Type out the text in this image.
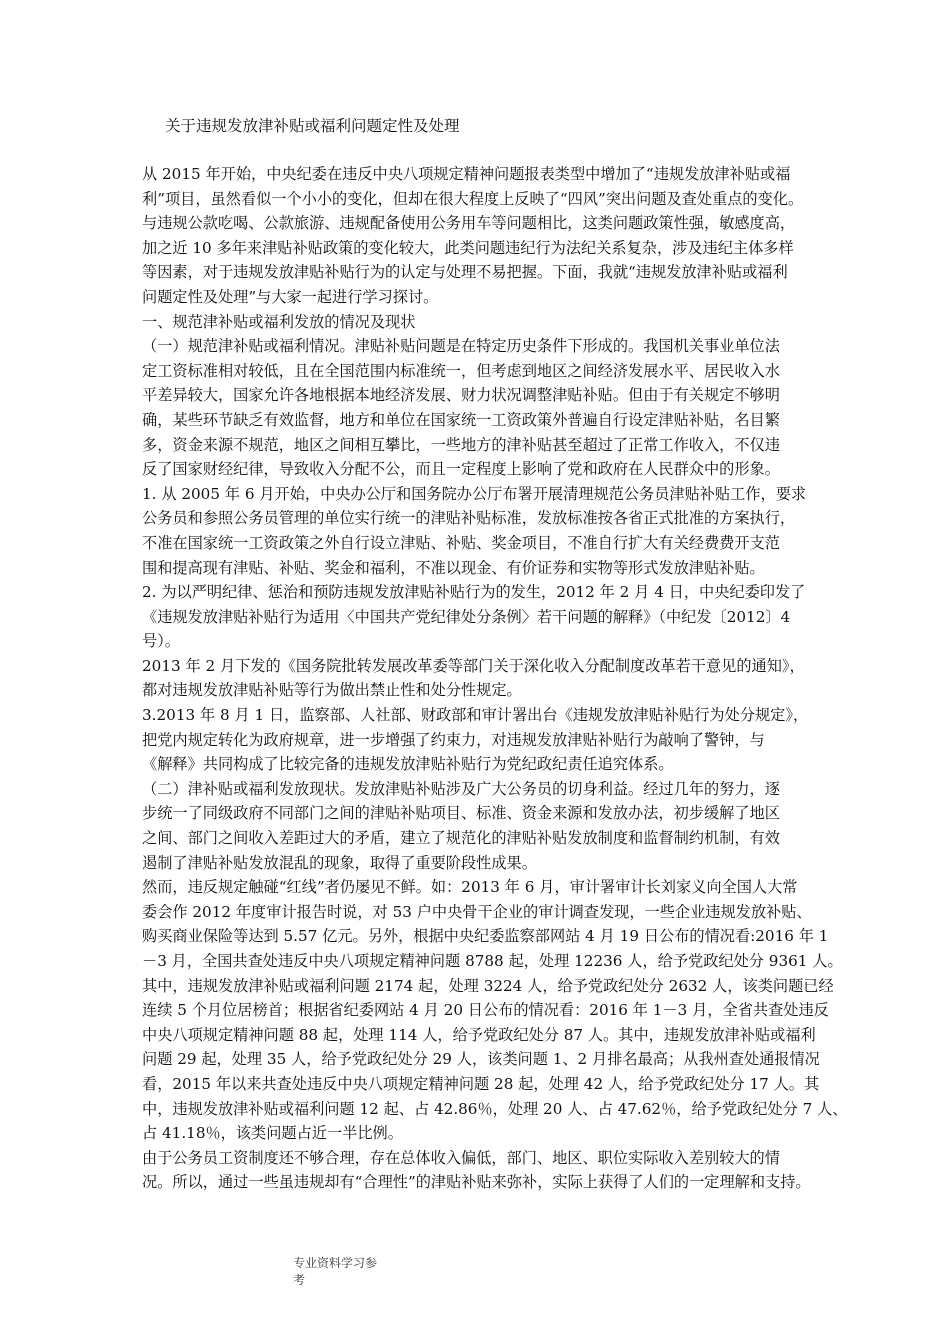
关于违规发放津补贴或福利问题定性及处理
从 2015 年开始，中央纪委在违反中央八项规定精神问题报表类型中增加了“违规发放津补贴或福
利”项目，虽然看似一个小小的变化，但却在很大程度上反映了“四风”突出问题及查处重点的变化。
与违规公款吃喝、公款旅游、违规配备使用公务用车等问题相比，这类问题政策性强，敏感度高，
加之近 10 多年来津贴补贴政策的变化较大，此类问题违纪行为法纪关系复杂，涉及违纪主体多样
等因素，对于违规发放津贴补贴行为的认定与处理不易把握。下面，我就“违规发放津补贴或福利
问题定性及处理”与大家一起进行学习探讨。
一、规范津补贴或福利发放的情况及现状
（一）规范津补贴或福利情况。津贴补贴问题是在特定历史条件下形成的。我国机关事业单位法
定工资标准相对较低，且在全国范围内标准统一，但考虑到地区之间经济发展水平、居民收入水
平差异较大，国家允许各地根据本地经济发展、财力状况调整津贴补贴。但由于有关规定不够明
确，某些环节缺乏有效监督，地方和单位在国家统一工资政策外普遍自行设定津贴补贴，名目繁
多，资金来源不规范，地区之间相互攀比，一些地方的津补贴甚至超过了正常工作收入，不仅违
反了国家财经纪律，导致收入分配不公，而且一定程度上影响了党和政府在人民群众中的形象。
1. 从 2005 年 6 月开始，中央办公厅和国务院办公厅布署开展清理规范公务员津贴补贴工作，要求
公务员和参照公务员管理的单位实行统一的津贴补贴标准，发放标准按各省正式批准的方案执行，
不准在国家统一工资政策之外自行设立津贴、补贴、奖金项目，不准自行扩大有关经费费开支范
围和提高现有津贴、补贴、奖金和福利，不准以现金、有价证券和实物等形式发放津贴补贴。
2. 为以严明纪律、惩治和预防违规发放津贴补贴行为的发生，2012 年 2 月 4 日，中央纪委印发了
《违规发放津贴补贴行为适用〈中国共产党纪律处分条例〉若干问题的解释》（中纪发〔2012〕4
号）。
2013 年 2 月下发的《国务院批转发展改革委等部门关于深化收入分配制度改革若干意见的通知》，
都对违规发放津贴补贴等行为做出禁止性和处分性规定。
3.2013 年 8 月 1 日，监察部、人社部、财政部和审计署出台《违规发放津贴补贴行为处分规定》，
把党内规定转化为政府规章，进一步增强了约束力，对违规发放津贴补贴行为敲响了警钟，与
《解释》共同构成了比较完备的违规发放津贴补贴行为党纪政纪责任追究体系。
（二）津补贴或福利发放现状。发放津贴补贴涉及广大公务员的切身利益。经过几年的努力，逐
步统一了同级政府不同部门之间的津贴补贴项目、标准、资金来源和发放办法，初步缓解了地区
之间、部门之间收入差距过大的矛盾，建立了规范化的津贴补贴发放制度和监督制约机制，有效
遏制了津贴补贴发放混乱的现象，取得了重要阶段性成果。
然而，违反规定触碰“红线”者仍屡见不鲜。如：2013 年 6 月，审计署审计长刘家义向全国人大常
委会作 2012 年度审计报告时说，对 53 户中央骨干企业的审计调查发现，一些企业违规发放补贴、
购买商业保险等达到 5.57 亿元。另外，根据中央纪委监察部网站 4 月 19 日公布的情况看:2016 年 1
－3 月，全国共查处违反中央八项规定精神问题 8788 起，处理 12236 人，给予党政纪处分 9361 人。
其中，违规发放津补贴或福利问题 2174 起，处理 3224 人，给予党政纪处分 2632 人，该类问题已经
连续 5 个月位居榜首；根据省纪委网站 4 月 20 日公布的情况看：2016 年 1－3 月，全省共查处违反
中央八项规定精神问题 88 起，处理 114 人，给予党政纪处分 87 人。其中，违规发放津补贴或福利
问题 29 起，处理 35 人，给予党政纪处分 29 人，该类问题 1、2 月排名最高；从我州查处通报情况
看，2015 年以来共查处违反中央八项规定精神问题 28 起，处理 42 人，给予党政纪处分 17 人。其
中，违规发放津补贴或福利问题 12 起、占 42.86％，处理 20 人、占 47.62％，给予党政纪处分 7 人、
占 41.18％，该类问题占近一半比例。
由于公务员工资制度还不够合理，存在总体收入偏低，部门、地区、职位实际收入差别较大的情
况。所以，通过一些虽违规却有“合理性”的津贴补贴来弥补，实际上获得了人们的一定理解和支持。
专业资料学习参
考
